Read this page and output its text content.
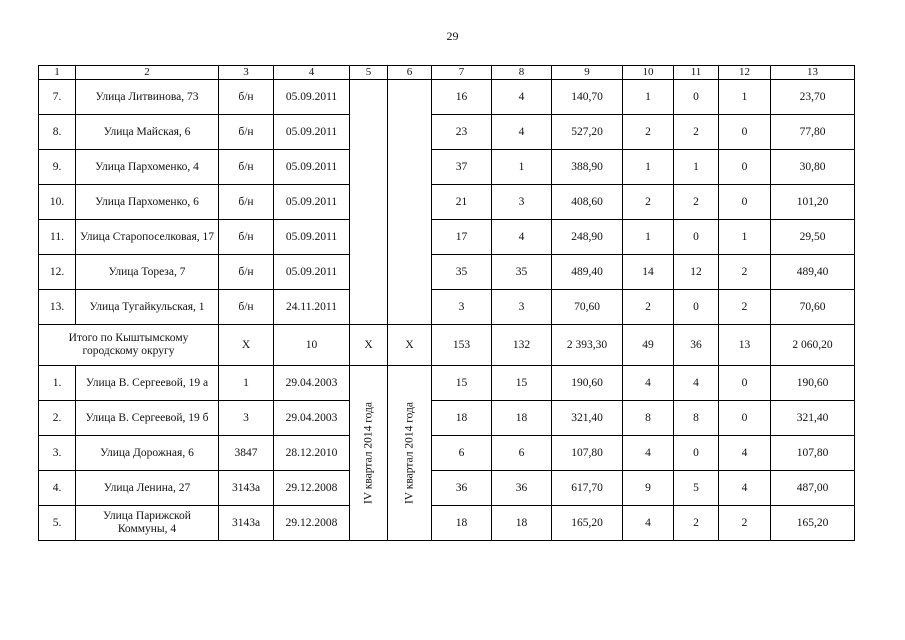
29
1	2	3	4	5	6	7	8	9	10	11	12	13
7.	Улица Литвинова, 73	б/н	05.09.2011			16	4	140,70	1	0	1	23,70
8.	Улица Майская, 6	б/н	05.09.2011			23	4	527,20	2	2	0	77,80
9.	Улица Пархоменко, 4	б/н	05.09.2011			37	1	388,90	1	1	0	30,80
10.	Улица Пархоменко, 6	б/н	05.09.2011			21	3	408,60	2	2	0	101,20
11.	Улица Старопоселковая, 17	б/н	05.09.2011			17	4	248,90	1	0	1	29,50
12.	Улица Тореза, 7	б/н	05.09.2011			35	35	489,40	14	12	2	489,40
13.	Улица Тугайкульская, 1	б/н	24.11.2011			3	3	70,60	2	0	2	70,60
Итого по Кыштымскому городскому округу		Х	10	Х	Х	153	132	2 393,30	49	36	13	2 060,20
1.	Улица В. Сергеевой, 19 а	1	29.04.2003	IV квартал 2014 года	IV квартал 2014 года	15	15	190,60	4	4	0	190,60
2.	Улица В. Сергеевой, 19 б	3	29.04.2003			18	18	321,40	8	8	0	321,40
3.	Улица Дорожная, 6	3847	28.12.2010			6	6	107,80	4	0	4	107,80
4.	Улица Ленина, 27	3143а	29.12.2008			36	36	617,70	9	5	4	487,00
5.	Улица Парижской Коммуны, 4	3143а	29.12.2008			18	18	165,20	4	2	2	165,20
